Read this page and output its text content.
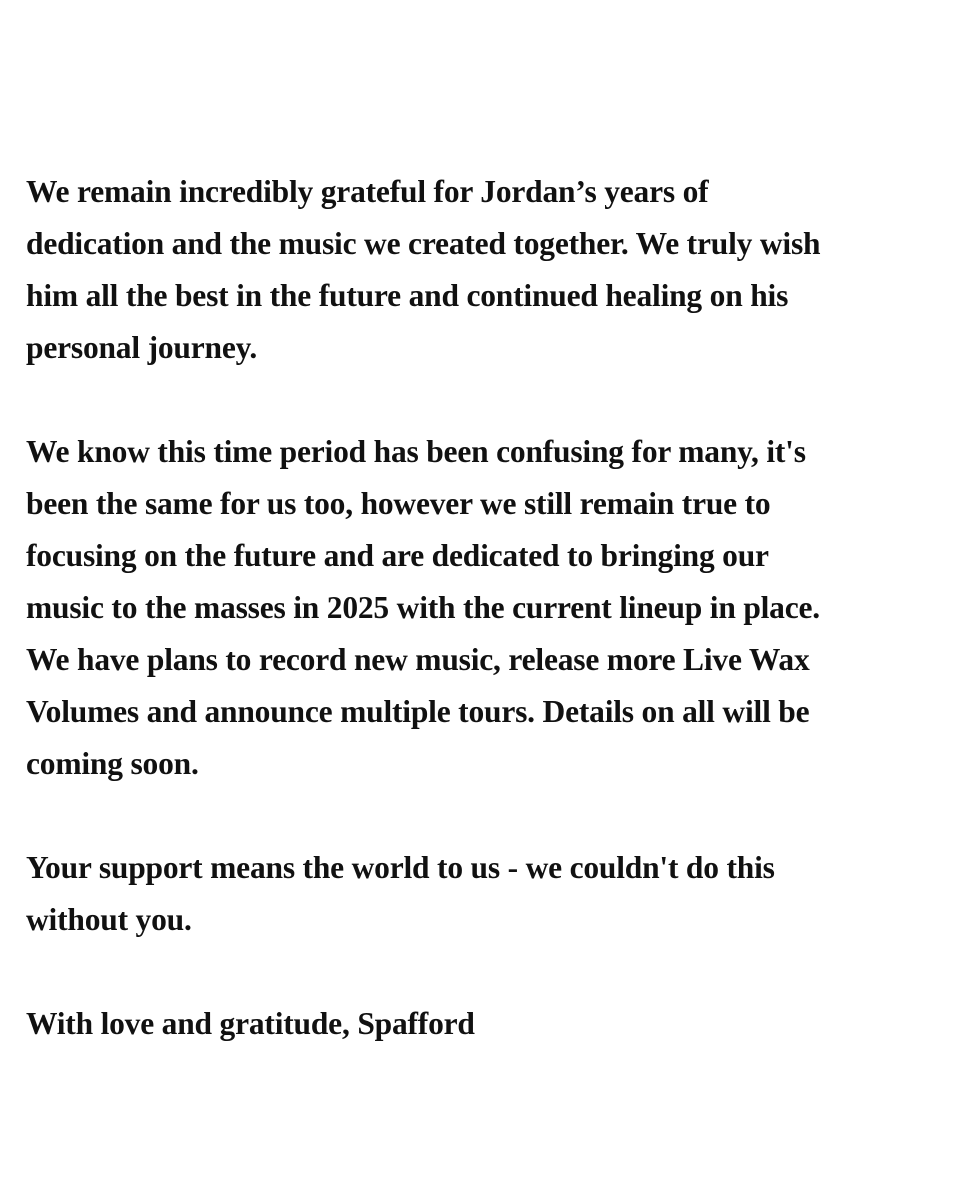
We remain incredibly grateful for Jordan’s years of
dedication and the music we created together. We truly wish
him all the best in the future and continued healing on his
personal journey.

We know this time period has been confusing for many, it's
been the same for us too, however we still remain true to
focusing on the future and are dedicated to bringing our
music to the masses in 2025 with the current lineup in place.
We have plans to record new music, release more Live Wax
Volumes and announce multiple tours. Details on all will be
coming soon.

Your support means the world to us - we couldn't do this
without you.

With love and gratitude, Spafford
